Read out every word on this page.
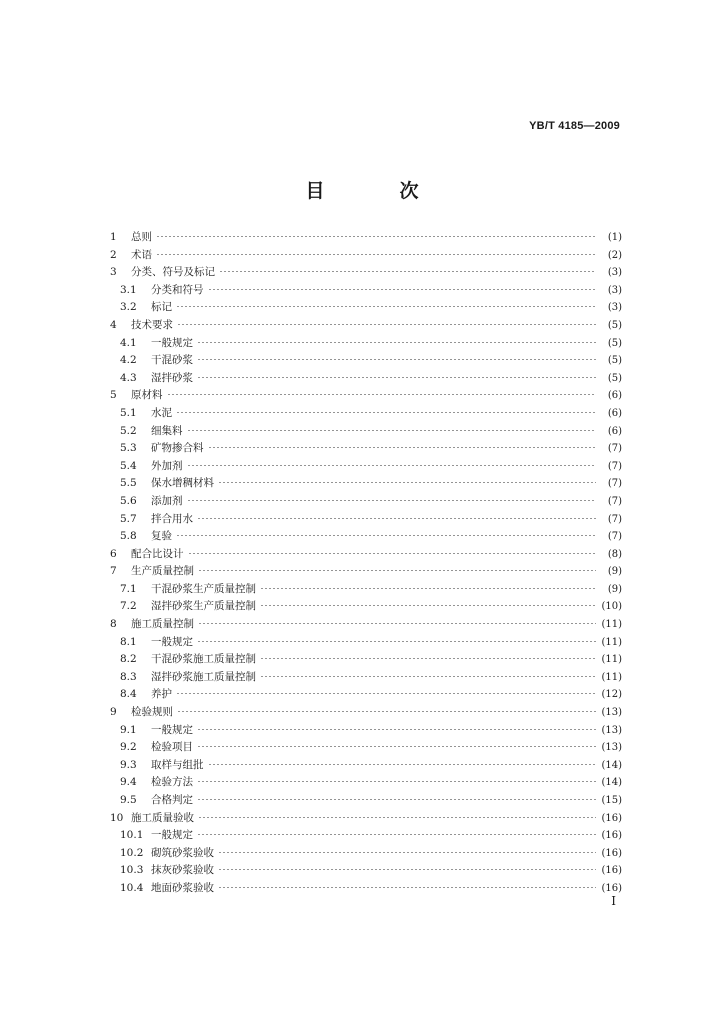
YB/T 4185—2009
目　次
1	总则	(1)
2	术语	(2)
3	分类、符号及标记	(3)
3.1	分类和符号	(3)
3.2	标记	(3)
4	技术要求	(5)
4.1	一般规定	(5)
4.2	干混砂浆	(5)
4.3	湿拌砂浆	(5)
5	原材料	(6)
5.1	水泥	(6)
5.2	细集料	(6)
5.3	矿物掺合料	(7)
5.4	外加剂	(7)
5.5	保水增稠材料	(7)
5.6	添加剂	(7)
5.7	拌合用水	(7)
5.8	复验	(7)
6	配合比设计	(8)
7	生产质量控制	(9)
7.1	干混砂浆生产质量控制	(9)
7.2	湿拌砂浆生产质量控制	(10)
8	施工质量控制	(11)
8.1	一般规定	(11)
8.2	干混砂浆施工质量控制	(11)
8.3	湿拌砂浆施工质量控制	(11)
8.4	养护	(12)
9	检验规则	(13)
9.1	一般规定	(13)
9.2	检验项目	(13)
9.3	取样与组批	(14)
9.4	检验方法	(14)
9.5	合格判定	(15)
10 施工质量验收	(16)
10.1 一般规定	(16)
10.2 砌筑砂浆验收	(16)
10.3 抹灰砂浆验收	(16)
10.4 地面砂浆验收	(16)
I
